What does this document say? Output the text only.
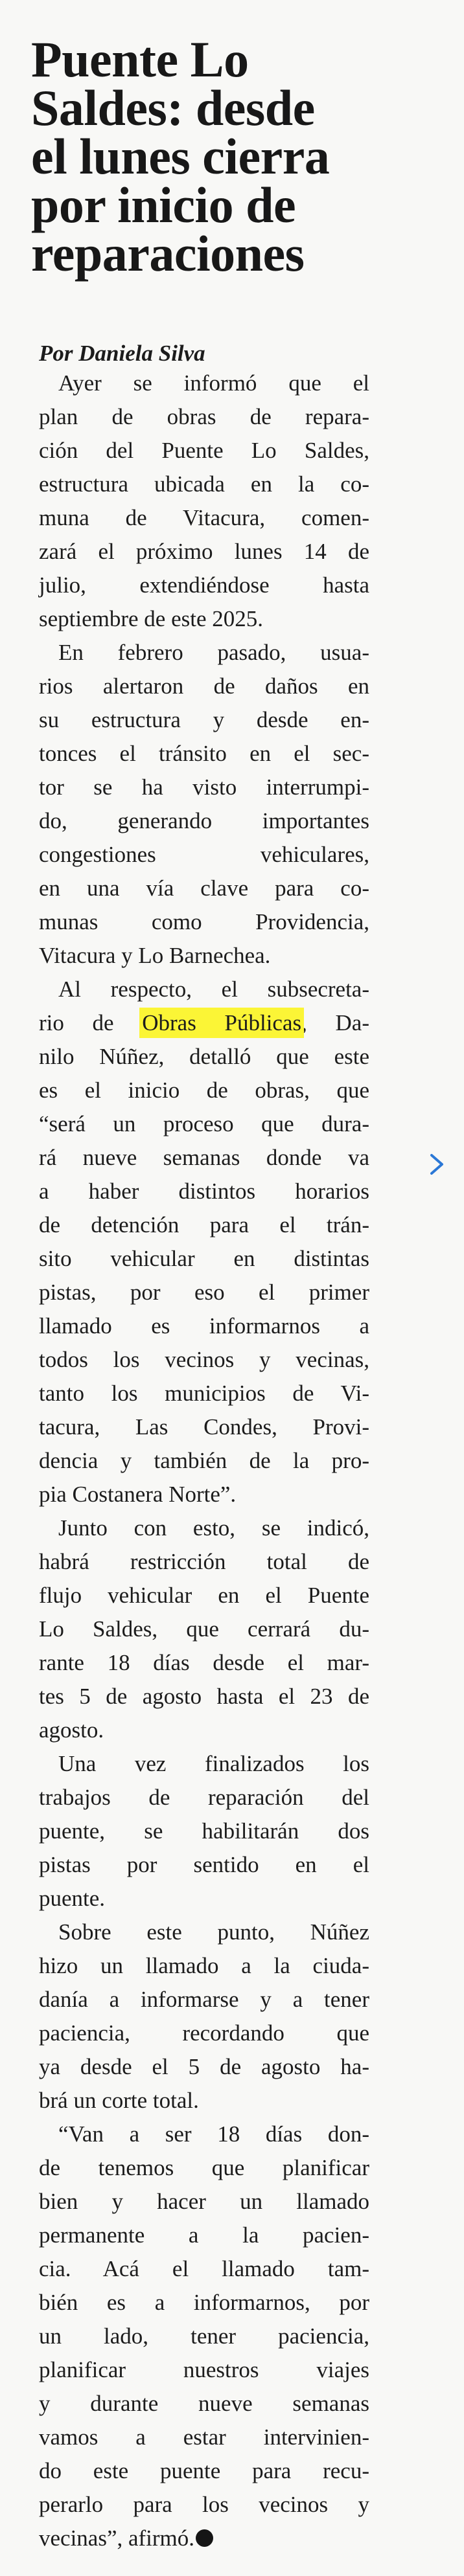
Puente Lo
Saldes: desde
el lunes cierra
por inicio de
reparaciones

Por Daniela Silva

Ayer se informó que el
plan de obras de repara-
ción del Puente Lo Saldes,
estructura ubicada en la co-
muna de Vitacura, comen-
zará el próximo lunes 14 de
julio, extendiéndose hasta
septiembre de este 2025.

En febrero pasado, usua-
rios alertaron de daños en
su estructura y desde en-
tonces el tránsito en el sec-
tor se ha visto interrumpi-
do, generando importantes
congestiones vehiculares,
en una vía clave para co-
munas como Providencia,
Vitacura y Lo Barnechea.

Al respecto, el subsecreta-
rio de Obras Públicas, Da-
nilo Núñez, detalló que este
es el inicio de obras, que
“será un proceso que dura-
rá nueve semanas donde va
a haber distintos horarios
de detención para el trán-
sito vehicular en distintas
pistas, por eso el primer
llamado es informarnos a
todos los vecinos y vecinas,
tanto los municipios de Vi-
tacura, Las Condes, Provi-
dencia y también de la pro-
pia Costanera Norte”.

Junto con esto, se indicó,
habrá restricción total de
flujo vehicular en el Puente
Lo Saldes, que cerrará du-
rante 18 días desde el mar-
tes 5 de agosto hasta el 23 de
agosto.

Una vez finalizados los
trabajos de reparación del
puente, se habilitarán dos
pistas por sentido en el
puente.

Sobre este punto, Núñez
hizo un llamado a la ciuda-
danía a informarse y a tener
paciencia, recordando que
ya desde el 5 de agosto ha-
brá un corte total.

“Van a ser 18 días don-
de tenemos que planificar
bien y hacer un llamado
permanente a la pacien-
cia. Acá el llamado tam-
bién es a informarnos, por
un lado, tener paciencia,
planificar nuestros viajes
y durante nueve semanas
vamos a estar intervinien-
do este puente para recu-
perarlo para los vecinos y
vecinas”, afirmó.
